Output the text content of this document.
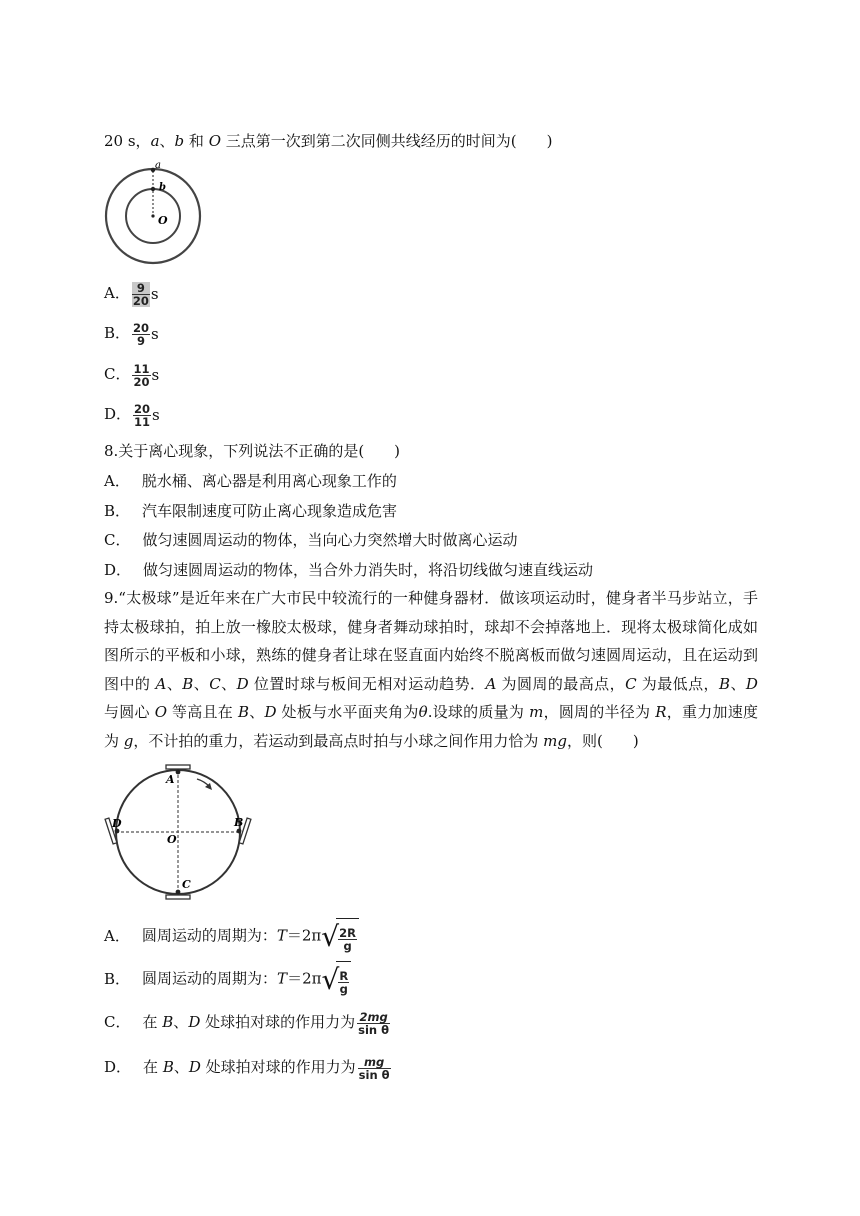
20 s，a、b 和 O 三点第一次到第二次同侧共线经历的时间为(　　)
a
b
O
A． $\frac{9}{20}$ s
B． $\frac{20}{9}$ s
C． $\frac{11}{20}$ s
D． $\frac{20}{11}$ s
8.关于离心现象，下列说法不正确的是(　　)
A． 脱水桶、离心器是利用离心现象工作的
B． 汽车限制速度可防止离心现象造成危害
C． 做匀速圆周运动的物体，当向心力突然增大时做离心运动
D． 做匀速圆周运动的物体，当合外力消失时，将沿切线做匀速直线运动
9.“太极球”是近年来在广大市民中较流行的一种健身器材．做该项运动时，健身者半马步站立，手持太极球拍，拍上放一橡胶太极球，健身者舞动球拍时，球却不会掉落地上．现将太极球简化成如图所示的平板和小球，熟练的健身者让球在竖直面内始终不脱离板而做匀速圆周运动，且在运动到图中的 A、B、C、D 位置时球与板间无相对运动趋势．A 为圆周的最高点，C 为最低点，B、D 与圆心 O 等高且在 B、D 处板与水平面夹角为θ.设球的质量为 m，圆周的半径为 R，重力加速度为 g，不计拍的重力，若运动到最高点时拍与小球之间作用力恰为 mg，则(　　)
A
B
C
D
O
A． 圆周运动的周期为：$T=2\pi√ \frac{2R}{g}$
B． 圆周运动的周期为：$T=2\pi√ \frac{R}{g}$
C． 在 B、D 处球拍对球的作用力为 $\frac{2mg}{\text{sin θ}}$
D． 在 B、D 处球拍对球的作用力为 $\frac{mg}{\text{sin θ}}$
